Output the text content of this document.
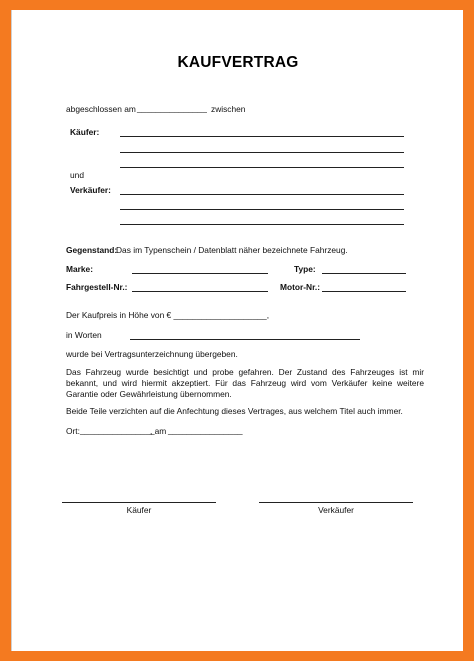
KAUFVERTRAG
abgeschlossen am _______________ zwischen
Käufer:
und
Verkäufer:
Gegenstand:
Das im Typenschein / Datenblatt näher bezeichnete Fahrzeug.
Marke:	Type:
Fahrgestell-Nr.:	Motor-Nr.:
Der Kaufpreis in Höhe von € ____________________,
in Worten
wurde bei Vertragsunterzeichnung übergeben.
Das Fahrzeug wurde besichtigt und probe gefahren. Der Zustand des Fahrzeuges ist mir bekannt, und wird hiermit akzeptiert. Für das Fahrzeug wird vom Verkäufer keine weitere Garantie oder Gewährleistung übernommen.
Beide Teile verzichten auf die Anfechtung dieses Vertrages, aus welchem Titel auch immer.
Ort: ________________
, am ________________
Käufer	Verkäufer
